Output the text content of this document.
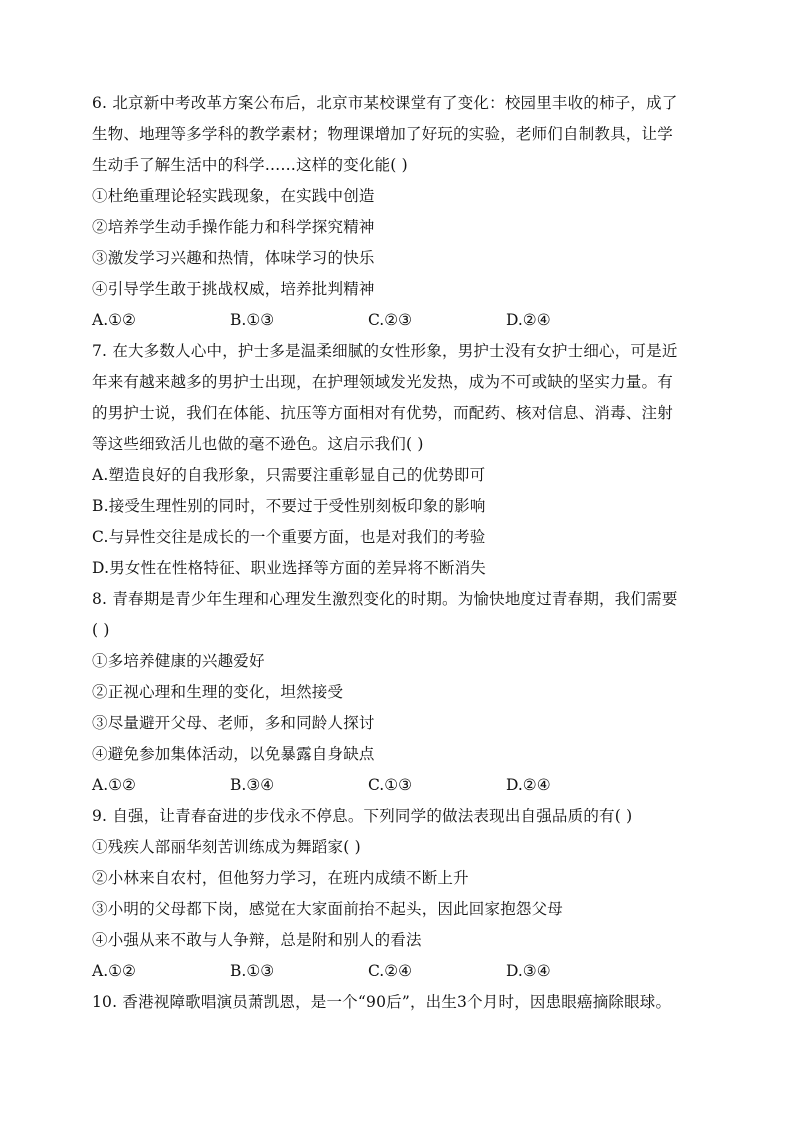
6. 北京新中考改革方案公布后，北京市某校课堂有了变化：校园里丰收的柿子，成了
生物、地理等多学科的教学素材；物理课增加了好玩的实验，老师们自制教具，让学
生动手了解生活中的科学……这样的变化能( )
①杜绝重理论轻实践现象，在实践中创造
②培养学生动手操作能力和科学探究精神
③激发学习兴趣和热情，体味学习的快乐
④引导学生敢于挑战权威，培养批判精神
A.①②	B.①③	C.②③	D.②④
7. 在大多数人心中，护士多是温柔细腻的女性形象，男护士没有女护士细心，可是近
年来有越来越多的男护士出现，在护理领域发光发热，成为不可或缺的坚实力量。有
的男护士说，我们在体能、抗压等方面相对有优势，而配药、核对信息、消毒、注射
等这些细致活儿也做的毫不逊色。这启示我们( )
A.塑造良好的自我形象，只需要注重彰显自己的优势即可
B.接受生理性别的同时，不要过于受性别刻板印象的影响
C.与异性交往是成长的一个重要方面，也是对我们的考验
D.男女性在性格特征、职业选择等方面的差异将不断消失
8. 青春期是青少年生理和心理发生激烈变化的时期。为愉快地度过青春期，我们需要
( )
①多培养健康的兴趣爱好
②正视心理和生理的变化，坦然接受
③尽量避开父母、老师，多和同龄人探讨
④避免参加集体活动，以免暴露自身缺点
A.①②	B.③④	C.①③	D.②④
9. 自强，让青春奋进的步伐永不停息。下列同学的做法表现出自强品质的有( )
①残疾人部丽华刻苦训练成为舞蹈家( )
②小林来自农村，但他努力学习，在班内成绩不断上升
③小明的父母都下岗，感觉在大家面前抬不起头，因此回家抱怨父母
④小强从来不敢与人争辩，总是附和别人的看法
A.①②	B.①③	C.②④	D.③④
10. 香港视障歌唱演员萧凯恩，是一个“90后”，出生3个月时，因患眼癌摘除眼球。
